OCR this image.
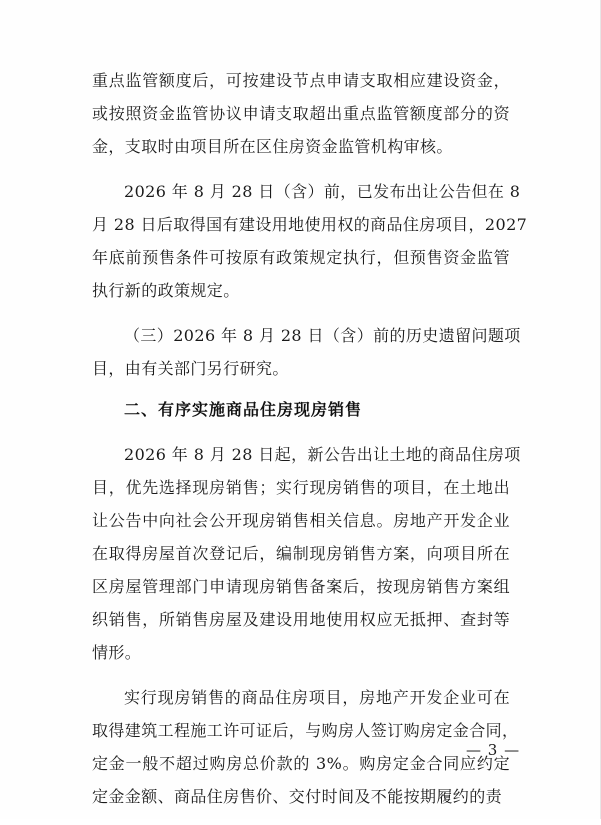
重点监管额度后，可按建设节点申请支取相应建设资金，
或按照资金监管协议申请支取超出重点监管额度部分的资
金，支取时由项目所在区住房资金监管机构审核。
2026 年 8 月 28 日（含）前，已发布出让公告但在 8
月 28 日后取得国有建设用地使用权的商品住房项目，2027
年底前预售条件可按原有政策规定执行，但预售资金监管
执行新的政策规定。
（三）2026 年 8 月 28 日（含）前的历史遗留问题项
目，由有关部门另行研究。
二、有序实施商品住房现房销售
2026 年 8 月 28 日起，新公告出让土地的商品住房项
目，优先选择现房销售；实行现房销售的项目，在土地出
让公告中向社会公开现房销售相关信息。房地产开发企业
在取得房屋首次登记后，编制现房销售方案，向项目所在
区房屋管理部门申请现房销售备案后，按现房销售方案组
织销售，所销售房屋及建设用地使用权应无抵押、查封等
情形。
实行现房销售的商品住房项目，房地产开发企业可在
取得建筑工程施工许可证后，与购房人签订购房定金合同，
定金一般不超过购房总价款的 3%。购房定金合同应约定
定金金额、商品住房售价、交付时间及不能按期履约的责
— 3 —
